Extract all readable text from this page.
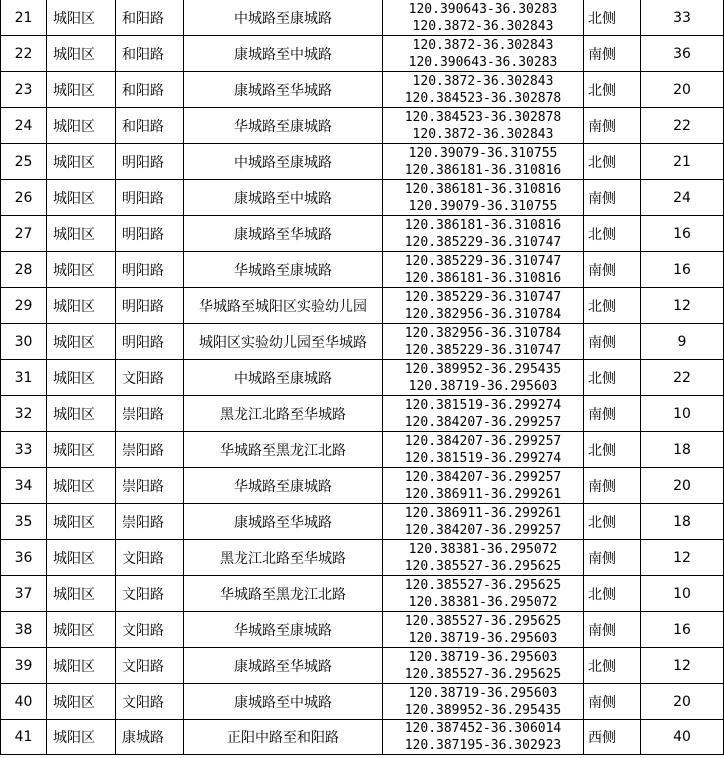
21	城阳区	和阳路	中城路至康城路	120.390643-36.30283
120.3872-36.302843	北侧	33
22	城阳区	和阳路	康城路至中城路	120.3872-36.302843
120.390643-36.30283	南侧	36
23	城阳区	和阳路	康城路至华城路	120.3872-36.302843
120.384523-36.302878	北侧	20
24	城阳区	和阳路	华城路至康城路	120.384523-36.302878
120.3872-36.302843	南侧	22
25	城阳区	明阳路	中城路至康城路	120.39079-36.310755
120.386181-36.310816	北侧	21
26	城阳区	明阳路	康城路至中城路	120.386181-36.310816
120.39079-36.310755	南侧	24
27	城阳区	明阳路	康城路至华城路	120.386181-36.310816
120.385229-36.310747	北侧	16
28	城阳区	明阳路	华城路至康城路	120.385229-36.310747
120.386181-36.310816	南侧	16
29	城阳区	明阳路	华城路至城阳区实验幼儿园	120.385229-36.310747
120.382956-36.310784	北侧	12
30	城阳区	明阳路	城阳区实验幼儿园至华城路	120.382956-36.310784
120.385229-36.310747	南侧	9
31	城阳区	文阳路	中城路至康城路	120.389952-36.295435
120.38719-36.295603	北侧	22
32	城阳区	崇阳路	黑龙江北路至华城路	120.381519-36.299274
120.384207-36.299257	南侧	10
33	城阳区	崇阳路	华城路至黑龙江北路	120.384207-36.299257
120.381519-36.299274	北侧	18
34	城阳区	崇阳路	华城路至康城路	120.384207-36.299257
120.386911-36.299261	南侧	20
35	城阳区	崇阳路	康城路至华城路	120.386911-36.299261
120.384207-36.299257	北侧	18
36	城阳区	文阳路	黑龙江北路至华城路	120.38381-36.295072
120.385527-36.295625	南侧	12
37	城阳区	文阳路	华城路至黑龙江北路	120.385527-36.295625
120.38381-36.295072	北侧	10
38	城阳区	文阳路	华城路至康城路	120.385527-36.295625
120.38719-36.295603	南侧	16
39	城阳区	文阳路	康城路至华城路	120.38719-36.295603
120.385527-36.295625	北侧	12
40	城阳区	文阳路	康城路至中城路	120.38719-36.295603
120.389952-36.295435	南侧	20
41	城阳区	康城路	正阳中路至和阳路	120.387452-36.306014
120.387195-36.302923	西侧	40
